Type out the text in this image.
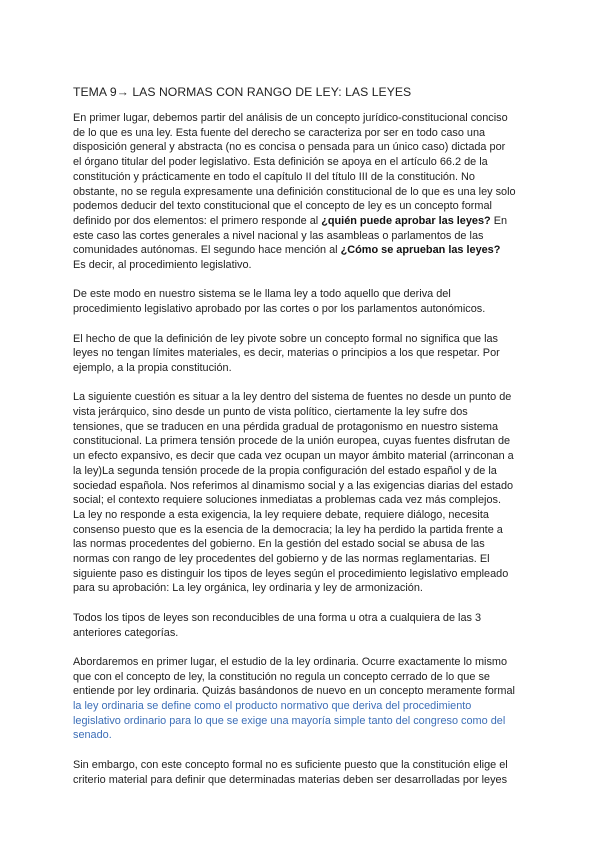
TEMA 9→ LAS NORMAS CON RANGO DE LEY: LAS LEYES

En primer lugar, debemos partir del análisis de un concepto jurídico-constitucional conciso de lo que es una ley. Esta fuente del derecho se caracteriza por ser en todo caso una disposición general y abstracta (no es concisa o pensada para un único caso) dictada por el órgano titular del poder legislativo. Esta definición se apoya en el artículo 66.2 de la constitución y prácticamente en todo el capítulo II del título III de la constitución. No obstante, no se regula expresamente una definición constitucional de lo que es una ley solo podemos deducir del texto constitucional que el concepto de ley es un concepto formal definido por dos elementos: el primero responde al ¿quién puede aprobar las leyes? En este caso las cortes generales a nivel nacional y las asambleas o parlamentos de las comunidades autónomas. El segundo hace mención al ¿Cómo se aprueban las leyes? Es decir, al procedimiento legislativo.

De este modo en nuestro sistema se le llama ley a todo aquello que deriva del procedimiento legislativo aprobado por las cortes o por los parlamentos autonómicos.

El hecho de que la definición de ley pivote sobre un concepto formal no significa que las leyes no tengan límites materiales, es decir, materias o principios a los que respetar. Por ejemplo, a la propia constitución.

La siguiente cuestión es situar a la ley dentro del sistema de fuentes no desde un punto de vista jerárquico, sino desde un punto de vista político, ciertamente la ley sufre dos tensiones, que se traducen en una pérdida gradual de protagonismo en nuestro sistema constitucional. La primera tensión procede de la unión europea, cuyas fuentes disfrutan de un efecto expansivo, es decir que cada vez ocupan un mayor ámbito material (arrinconan a la ley)La segunda tensión procede de la propia configuración del estado español y de la sociedad española. Nos referimos al dinamismo social y a las exigencias diarias del estado social; el contexto requiere soluciones inmediatas a problemas cada vez más complejos. La ley no responde a esta exigencia, la ley requiere debate, requiere diálogo, necesita consenso puesto que es la esencia de la democracia; la ley ha perdido la partida frente a las normas procedentes del gobierno. En la gestión del estado social se abusa de las normas con rango de ley procedentes del gobierno y de las normas reglamentarias. El siguiente paso es distinguir los tipos de leyes según el procedimiento legislativo empleado para su aprobación: La ley orgánica, ley ordinaria y ley de armonización.

Todos los tipos de leyes son reconducibles de una forma u otra a cualquiera de las 3 anteriores categorías.

Abordaremos en primer lugar, el estudio de la ley ordinaria. Ocurre exactamente lo mismo que con el concepto de ley, la constitución no regula un concepto cerrado de lo que se entiende por ley ordinaria. Quizás basándonos de nuevo en un concepto meramente formal la ley ordinaria se define como el producto normativo que deriva del procedimiento legislativo ordinario para lo que se exige una mayoría simple tanto del congreso como del senado.

Sin embargo, con este concepto formal no es suficiente puesto que la constitución elige el criterio material para definir que determinadas materias deben ser desarrolladas por leyes
